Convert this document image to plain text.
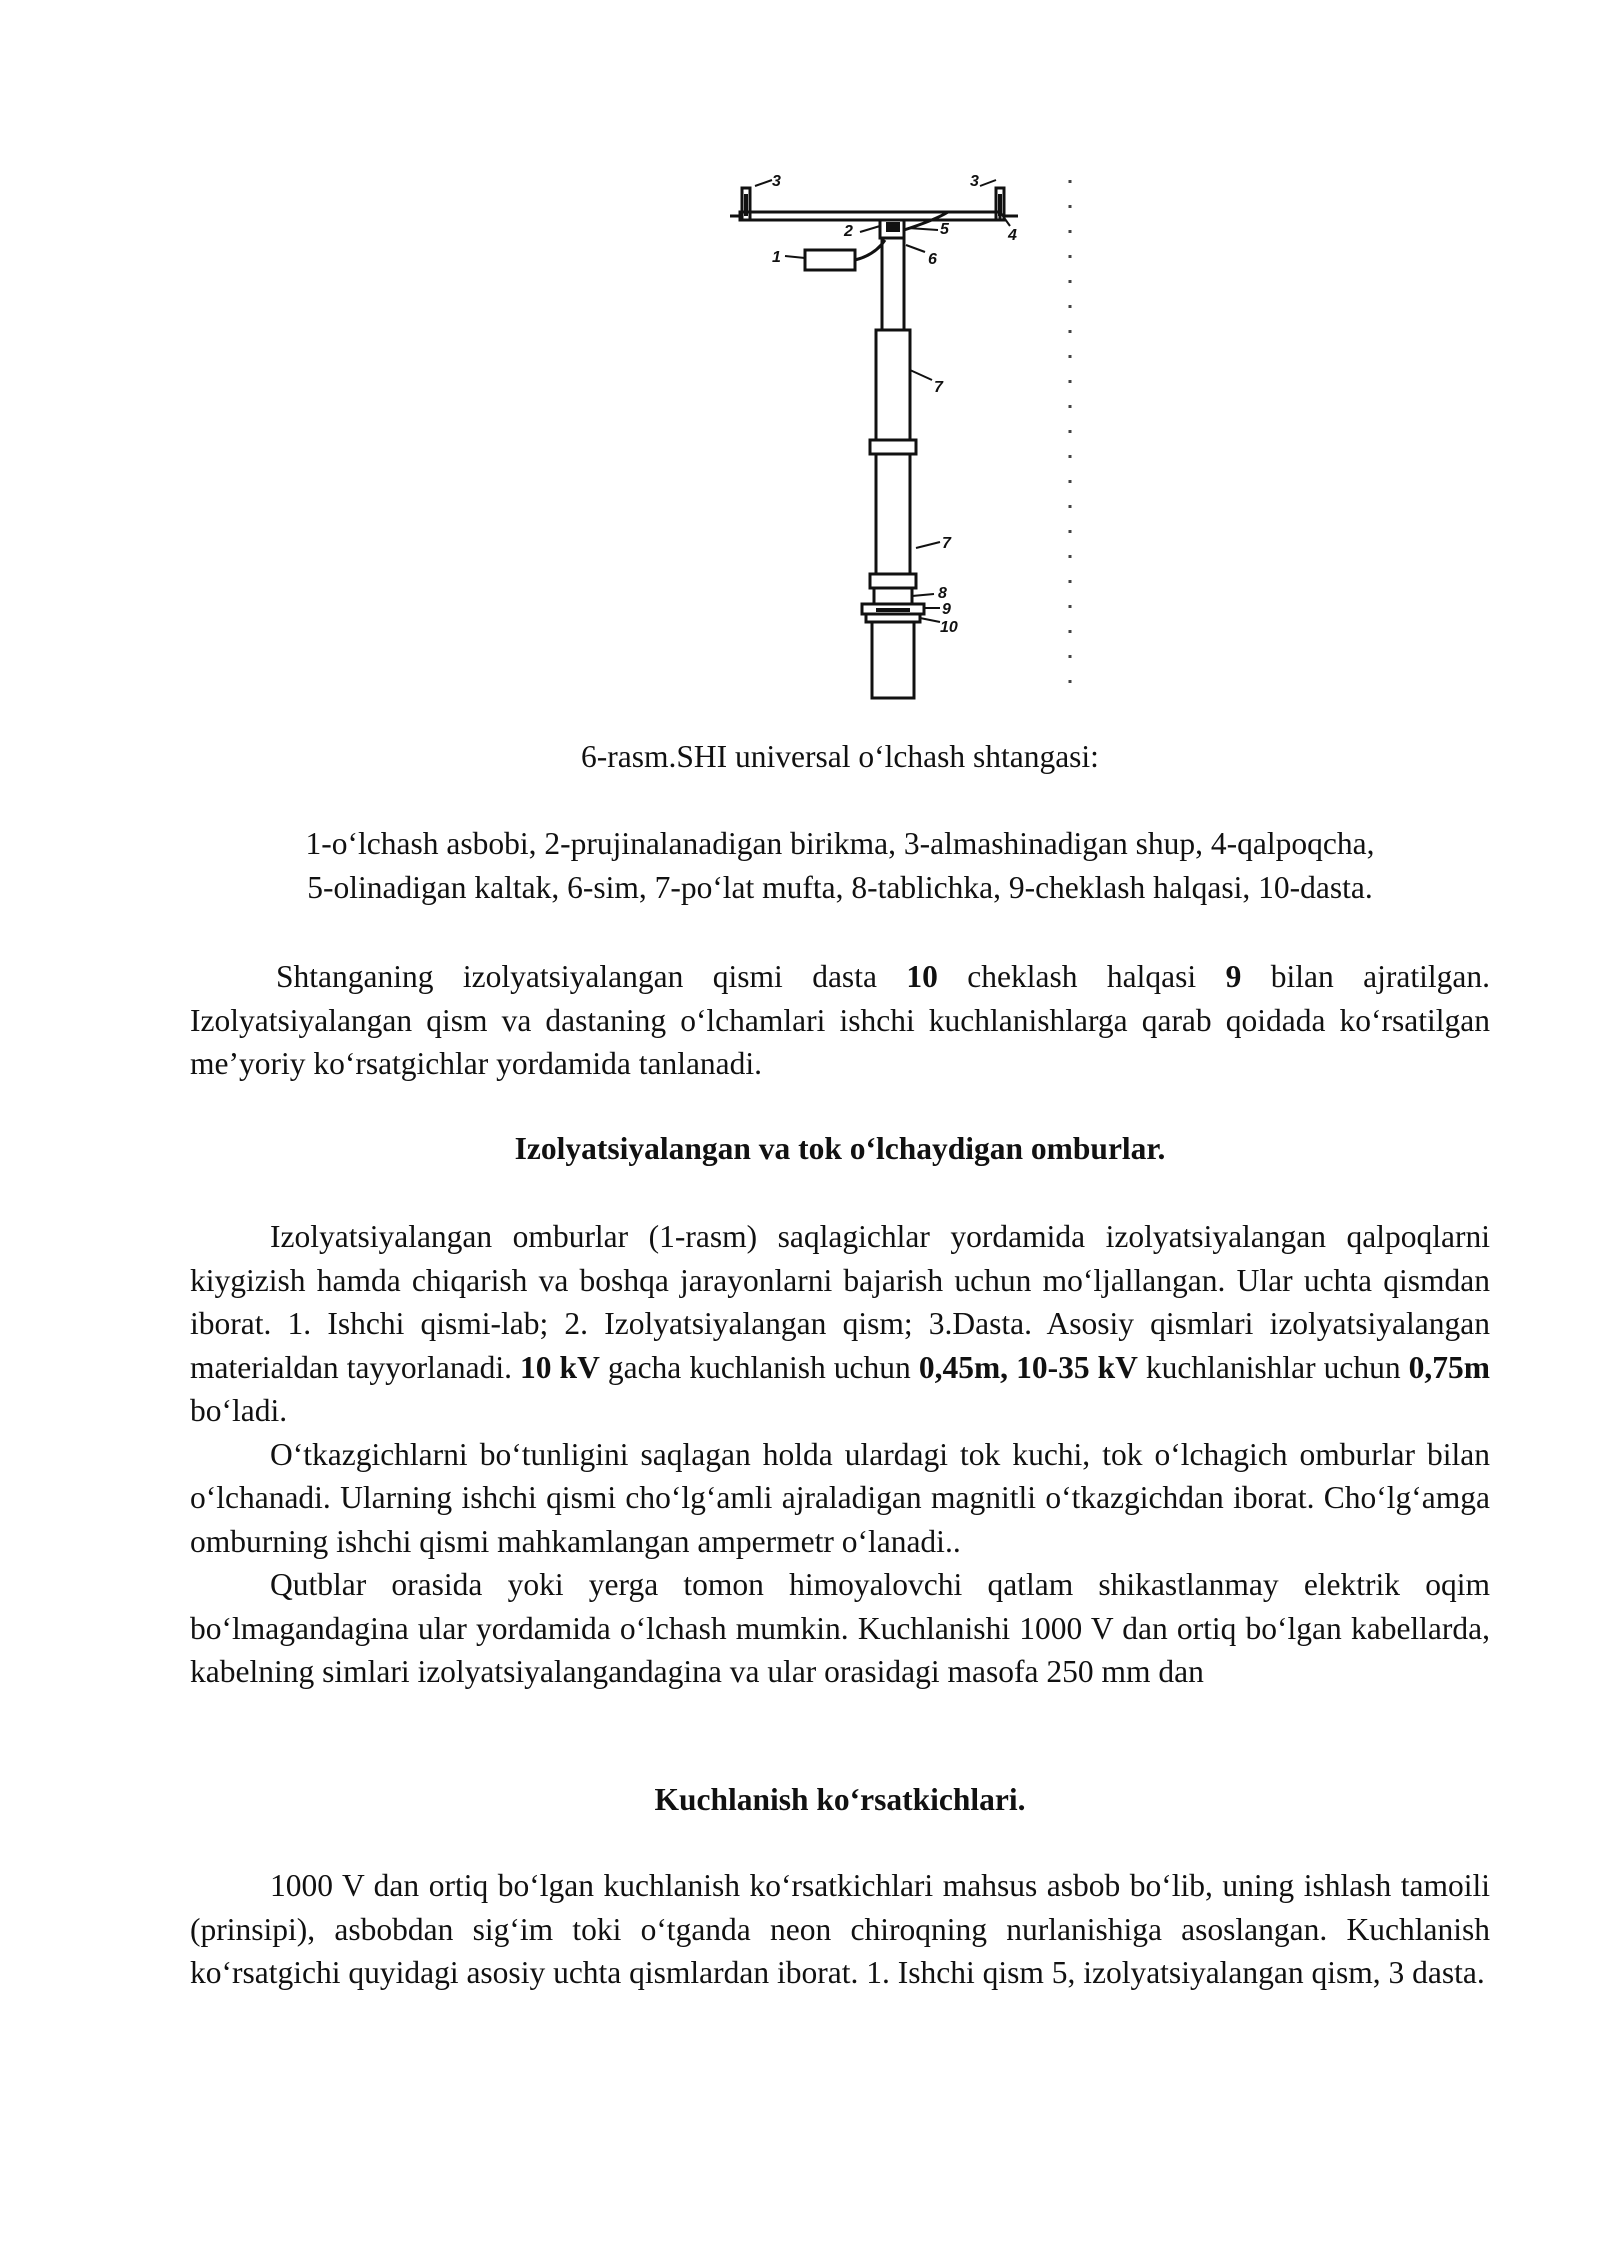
1
2
3	3
4
5
6
7
7
8
9
10

6-rasm.SHI universal o‘lchash shtangasi:

1-o‘lchash asbobi, 2-prujinalanadigan birikma, 3-almashinadigan shup, 4-qalpoqcha,

5-olinadigan kaltak, 6-sim, 7-po‘lat mufta, 8-tablichka, 9-cheklash halqasi, 10-dasta.

Shtanganing izolyatsiyalangan qismi dasta 10 cheklash halqasi 9 bilan ajratilgan. Izolyatsiyalangan qism va dastaning o‘lchamlari ishchi kuchlanishlarga qarab qoidada ko‘rsatilgan me’yoriy ko‘rsatgichlar yordamida tanlanadi.

Izolyatsiyalangan va tok o‘lchaydigan omburlar.

Izolyatsiyalangan omburlar (1-rasm) saqlagichlar yordamida izolyatsiyalangan qalpoqlarni kiygizish hamda chiqarish va boshqa jarayonlarni bajarish uchun mo‘ljallangan. Ular uchta qismdan iborat. 1. Ishchi qismi-lab; 2. Izolyatsiyalangan qism; 3.Dasta. Asosiy qismlari izolyatsiyalangan materialdan tayyorlanadi. 10 kV gacha kuchlanish uchun 0,45m, 10-35 kV kuchlanishlar uchun 0,75m bo‘ladi.

O‘tkazgichlarni bo‘tunligini saqlagan holda ulardagi tok kuchi, tok o‘lchagich omburlar bilan o‘lchanadi. Ularning ishchi qismi cho‘lg‘amli ajraladigan magnitli o‘tkazgichdan iborat. Cho‘lg‘amga omburning ishchi qismi mahkamlangan ampermetr o‘lanadi..

Qutblar orasida yoki yerga tomon himoyalovchi qatlam shikastlanmay elektrik oqim bo‘lmagandagina ular yordamida o‘lchash mumkin. Kuchlanishi 1000 V dan ortiq bo‘lgan kabellarda, kabelning simlari izolyatsiyalangandagina va ular orasidagi masofa 250 mm dan

Kuchlanish ko‘rsatkichlari.

1000 V dan ortiq bo‘lgan kuchlanish ko‘rsatkichlari mahsus asbob bo‘lib, uning ishlash tamoili (prinsipi), asbobdan sig‘im toki o‘tganda neon chiroqning nurlanishiga asoslangan. Kuchlanish ko‘rsatgichi quyidagi asosiy uchta qismlardan iborat. 1. Ishchi qism 5, izolyatsiyalangan qism, 3 dasta.
